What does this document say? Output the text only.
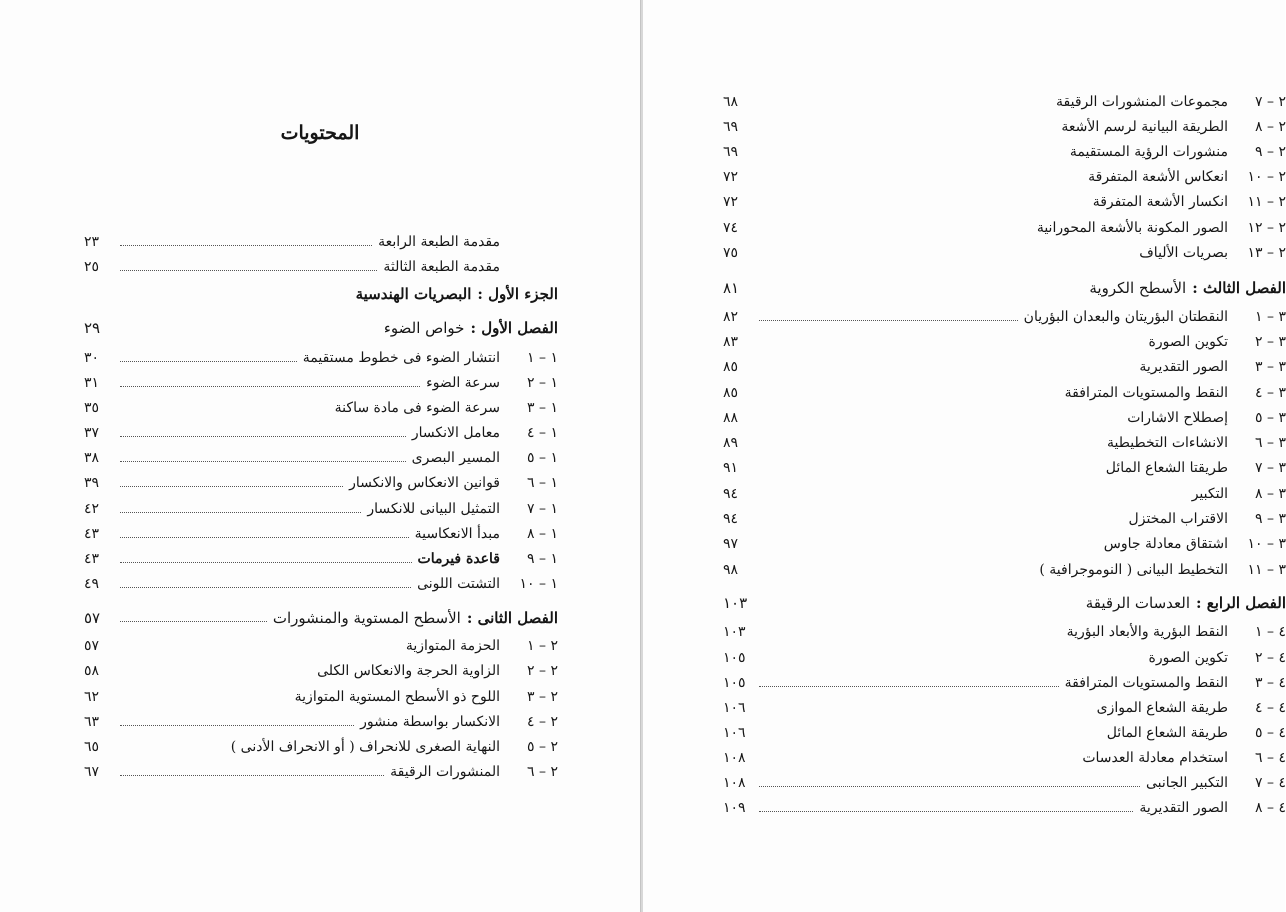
المحتويات
مقدمة الطبعة الرابعة
٢٣
مقدمة الطبعة الثالثة
٢٥
الجزء الأول :
البصريات الهندسية
الفصل الأول :
خواص الضوء
٢٩
١ – ١
انتشار الضوء فى خطوط مستقيمة
٣٠
١ – ٢
سرعة الضوء
٣١
١ – ٣
سرعة الضوء فى مادة ساكنة
٣٥
١ – ٤
معامل الانكسار
٣٧
١ – ٥
المسير البصرى
٣٨
١ – ٦
قوانين الانعكاس والانكسار
٣٩
١ – ٧
التمثيل البيانى للانكسار
٤٢
١ – ٨
مبدأ الانعكاسية
٤٣
١ – ٩
قاعدة فيرمات
٤٣
١ – ١٠
التشتت اللونى
٤٩
الفصل الثانى :
الأسطح المستوية والمنشورات
٥٧
٢ – ١
الحزمة المتوازية
٥٧
٢ – ٢
الزاوية الحرجة والانعكاس الكلى
٥٨
٢ – ٣
اللوح ذو الأسطح المستوية المتوازية
٦٢
٢ – ٤
الانكسار بواسطة منشور
٦٣
٢ – ٥
النهاية الصغرى للانحراف ( أو الانحراف الأدنى )
٦٥
٢ – ٦
المنشورات الرقيقة
٦٧
٢ – ٧
مجموعات المنشورات الرقيقة
٦٨
٢ – ٨
الطريقة البيانية لرسم الأشعة
٦٩
٢ – ٩
منشورات الرؤية المستقيمة
٦٩
٢ – ١٠
انعكاس الأشعة المتفرقة
٧٢
٢ – ١١
انكسار الأشعة المتفرقة
٧٢
٢ – ١٢
الصور المكونة بالأشعة المحورانية
٧٤
٢ – ١٣
بصريات الألياف
٧٥
الفصل الثالث :
الأسطح الكروية
٨١
٣ – ١
النقطتان البؤريتان والبعدان البؤريان
٨٢
٣ – ٢
تكوين الصورة
٨٣
٣ – ٣
الصور التقديرية
٨٥
٣ – ٤
النقط والمستويات المترافقة
٨٥
٣ – ٥
إصطلاح الاشارات
٨٨
٣ – ٦
الانشاءات التخطيطية
٨٩
٣ – ٧
طريقتا الشعاع المائل
٩١
٣ – ٨
التكبير
٩٤
٣ – ٩
الاقتراب المختزل
٩٤
٣ – ١٠
اشتقاق معادلة جاوس
٩٧
٣ – ١١
التخطيط البيانى ( النوموجرافية )
٩٨
الفصل الرابع :
العدسات الرقيقة
١٠٣
٤ – ١
النقط البؤرية والأبعاد البؤرية
١٠٣
٤ – ٢
تكوين الصورة
١٠٥
٤ – ٣
النقط والمستويات المترافقة
١٠٥
٤ – ٤
طريقة الشعاع الموازى
١٠٦
٤ – ٥
طريقة الشعاع المائل
١٠٦
٤ – ٦
استخدام معادلة العدسات
١٠٨
٤ – ٧
التكبير الجانبى
١٠٨
٤ – ٨
الصور التقديرية
١٠٩
